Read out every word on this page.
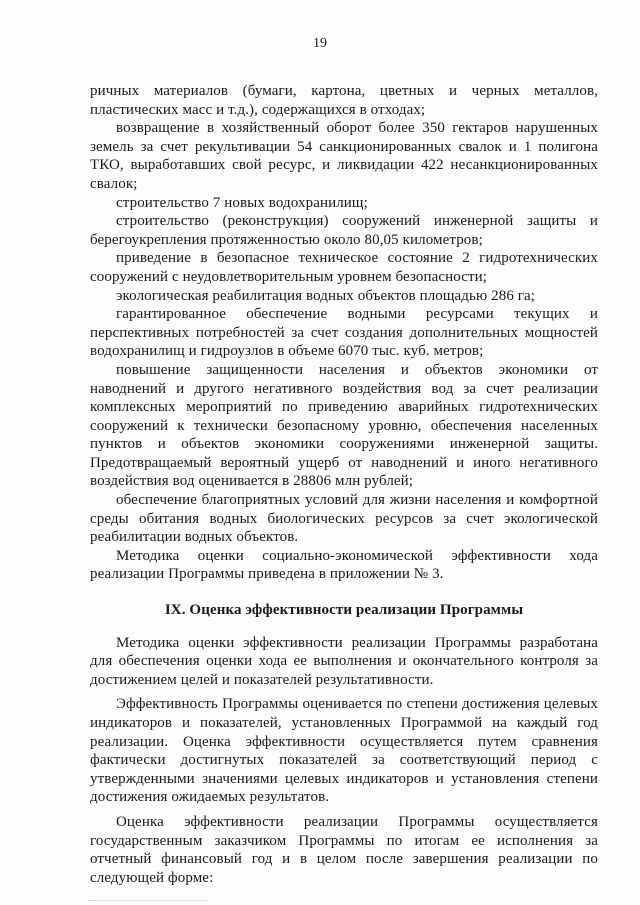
19

ричных материалов (бумаги, картона, цветных и черных металлов, пластических масс и т.д.), содержащихся в отходах;

возвращение в хозяйственный оборот более 350 гектаров нарушенных земель за счет рекультивации 54 санкционированных свалок и 1 полигона ТКО, выработавших свой ресурс, и ликвидации 422 несанкционированных свалок;

строительство 7 новых водохранилищ;

строительство (реконструкция) сооружений инженерной защиты и берегоукрепления протяженностью около 80,05 километров;

приведение в безопасное техническое состояние 2 гидротехнических сооружений с неудовлетворительным уровнем безопасности;

экологическая реабилитация водных объектов площадью 286 га;

гарантированное обеспечение водными ресурсами текущих и перспективных потребностей за счет создания дополнительных мощностей водохранилищ и гидроузлов в объеме 6070 тыс. куб. метров;

повышение защищенности населения и объектов экономики от наводнений и другого негативного воздействия вод за счет реализации комплексных мероприятий по приведению аварийных гидротехнических сооружений к технически безопасному уровню, обеспечения населенных пунктов и объектов экономики сооружениями инженерной защиты. Предотвращаемый вероятный ущерб от наводнений и иного негативного воздействия вод оценивается в 28806 млн рублей;

обеспечение благоприятных условий для жизни населения и комфортной среды обитания водных биологических ресурсов за счет экологической реабилитации водных объектов.

Методика оценки социально-экономической эффективности хода реализации Программы приведена в приложении № 3.

IX. Оценка эффективности реализации Программы

Методика оценки эффективности реализации Программы разработана для обеспечения оценки хода ее выполнения и окончательного контроля за достижением целей и показателей результативности.

Эффективность Программы оценивается по степени достижения целевых индикаторов и показателей, установленных Программой на каждый год реализации. Оценка эффективности осуществляется путем сравнения фактически достигнутых показателей за соответствующий период с утвержденными значениями целевых индикаторов и установления степени достижения ожидаемых результатов.

Оценка эффективности реализации Программы осуществляется государственным заказчиком Программы по итогам ее исполнения за отчетный финансовый год и в целом после завершения реализации по следующей форме:
